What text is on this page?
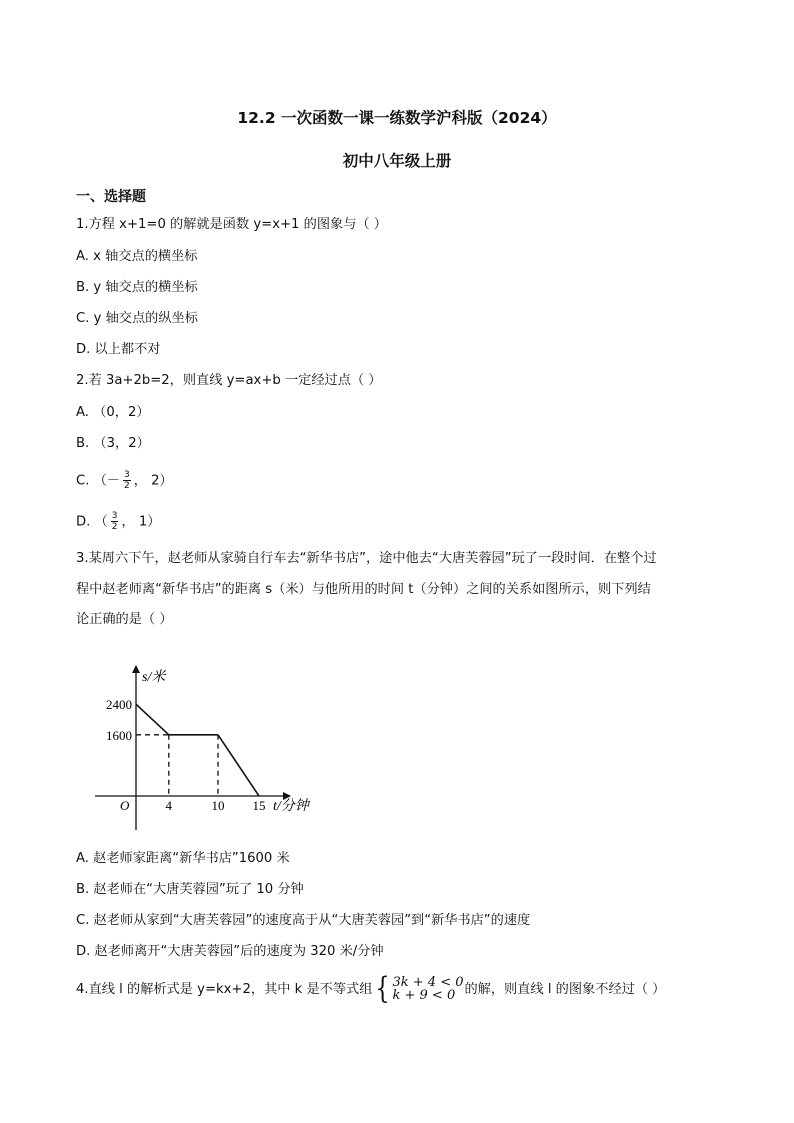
12.2 一次函数一课一练数学沪科版（2024）
初中八年级上册
一、选择题
1.方程 x+1=0 的解就是函数 y=x+1 的图象与（ ）
A. x 轴交点的横坐标
B. y 轴交点的横坐标
C. y 轴交点的纵坐标
D. 以上都不对
2.若 3a+2b=2，则直线 y=ax+b 一定经过点（ ）
A. （0，2）
B. （3，2）
C. （－ $\frac{3}{2}$ ， 2）
D. （ $\frac{3}{2}$ ， 1）
3.某周六下午，赵老师从家骑自行车去“新华书店”，途中他去“大唐芙蓉园”玩了一段时间．在整个过
程中赵老师离“新华书店”的距离 s（米）与他所用的时间 t（分钟）之间的关系如图所示，则下列结
论正确的是（ ）
s/米
t/分钟
O
1600
2400
4	10 15
A. 赵老师家距离“新华书店”1600 米
B. 赵老师在“大唐芙蓉园”玩了 10 分钟
C. 赵老师从家到“大唐芙蓉园”的速度高于从“大唐芙蓉园”到“新华书店”的速度
D. 赵老师离开“大唐芙蓉园”后的速度为 320 米/分钟
4.直线 l 的解析式是 y=kx+2，其中 k 是不等式组 { 3k + 4 < 0
k + 9 < 0 的解，则直线 l 的图象不经过（ ）
